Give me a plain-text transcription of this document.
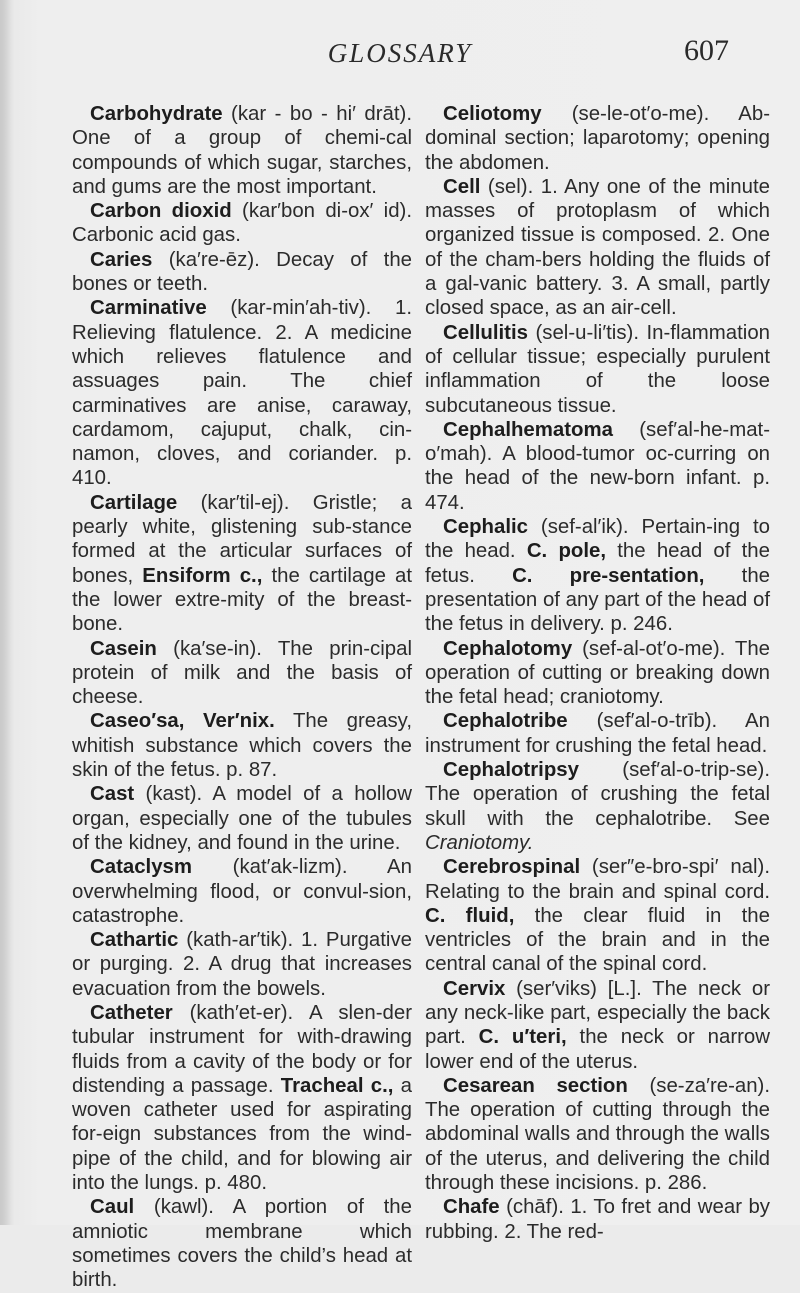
GLOSSARY	607

Carbohydrate (kar - bo - hi′ drāt). One of a group of chemi-cal compounds of which sugar, starches, and gums are the most important.

Carbon dioxid (kar′bon di-ox′ id). Carbonic acid gas.

Caries (ka′re-ēz). Decay of the bones or teeth.

Carminative (kar-min′ah-tiv). 1. Relieving flatulence. 2. A medicine which relieves flatulence and assuages pain. The chief carminatives are anise, caraway, cardamom, cajuput, chalk, cin-namon, cloves, and coriander. p. 410.

Cartilage (kar′til-ej). Gristle; a pearly white, glistening sub-stance formed at the articular surfaces of bones, Ensiform c., the cartilage at the lower extre-mity of the breast-bone.

Casein (ka′se-in). The prin-cipal protein of milk and the basis of cheese.

Caseo′sa, Ver′nix. The greasy, whitish substance which covers the skin of the fetus. p. 87.

Cast (kast). A model of a hollow organ, especially one of the tubules of the kidney, and found in the urine.

Cataclysm (kat′ak-lizm). An overwhelming flood, or convul-sion, catastrophe.

Cathartic (kath-ar′tik). 1. Purgative or purging. 2. A drug that increases evacuation from the bowels.

Catheter (kath′et-er). A slen-der tubular instrument for with-drawing fluids from a cavity of the body or for distending a passage. Tracheal c., a woven catheter used for aspirating for-eign substances from the wind-pipe of the child, and for blowing air into the lungs. p. 480.

Caul (kawl). A portion of the amniotic membrane which sometimes covers the child’s head at birth.

Celiotomy (se-le-ot′o-me). Ab-dominal section; laparotomy; opening the abdomen.

Cell (sel). 1. Any one of the minute masses of protoplasm of which organized tissue is composed. 2. One of the cham-bers holding the fluids of a gal-vanic battery. 3. A small, partly closed space, as an air-cell.

Cellulitis (sel-u-li′tis). In-flammation of cellular tissue; especially purulent inflammation of the loose subcutaneous tissue.

Cephalhematoma (sef′al-he-mat-o′mah). A blood-tumor oc-curring on the head of the new-born infant. p. 474.

Cephalic (sef-al′ik). Pertain-ing to the head. C. pole, the head of the fetus. C. pre-sentation, the presentation of any part of the head of the fetus in delivery. p. 246.

Cephalotomy (sef-al-ot′o-me). The operation of cutting or breaking down the fetal head; craniotomy.

Cephalotribe (sef′al-o-trīb). An instrument for crushing the fetal head.

Cephalotripsy (sef′al-o-trip-se). The operation of crushing the fetal skull with the cephalotribe. See Craniotomy.

Cerebrospinal (ser″e-bro-spi′ nal). Relating to the brain and spinal cord. C. fluid, the clear fluid in the ventricles of the brain and in the central canal of the spinal cord.

Cervix (ser′viks) [L.]. The neck or any neck-like part, especially the back part. C. u′teri, the neck or narrow lower end of the uterus.

Cesarean section (se-za′re-an). The operation of cutting through the abdominal walls and through the walls of the uterus, and delivering the child through these incisions. p. 286.

Chafe (chāf). 1. To fret and wear by rubbing. 2. The red-
